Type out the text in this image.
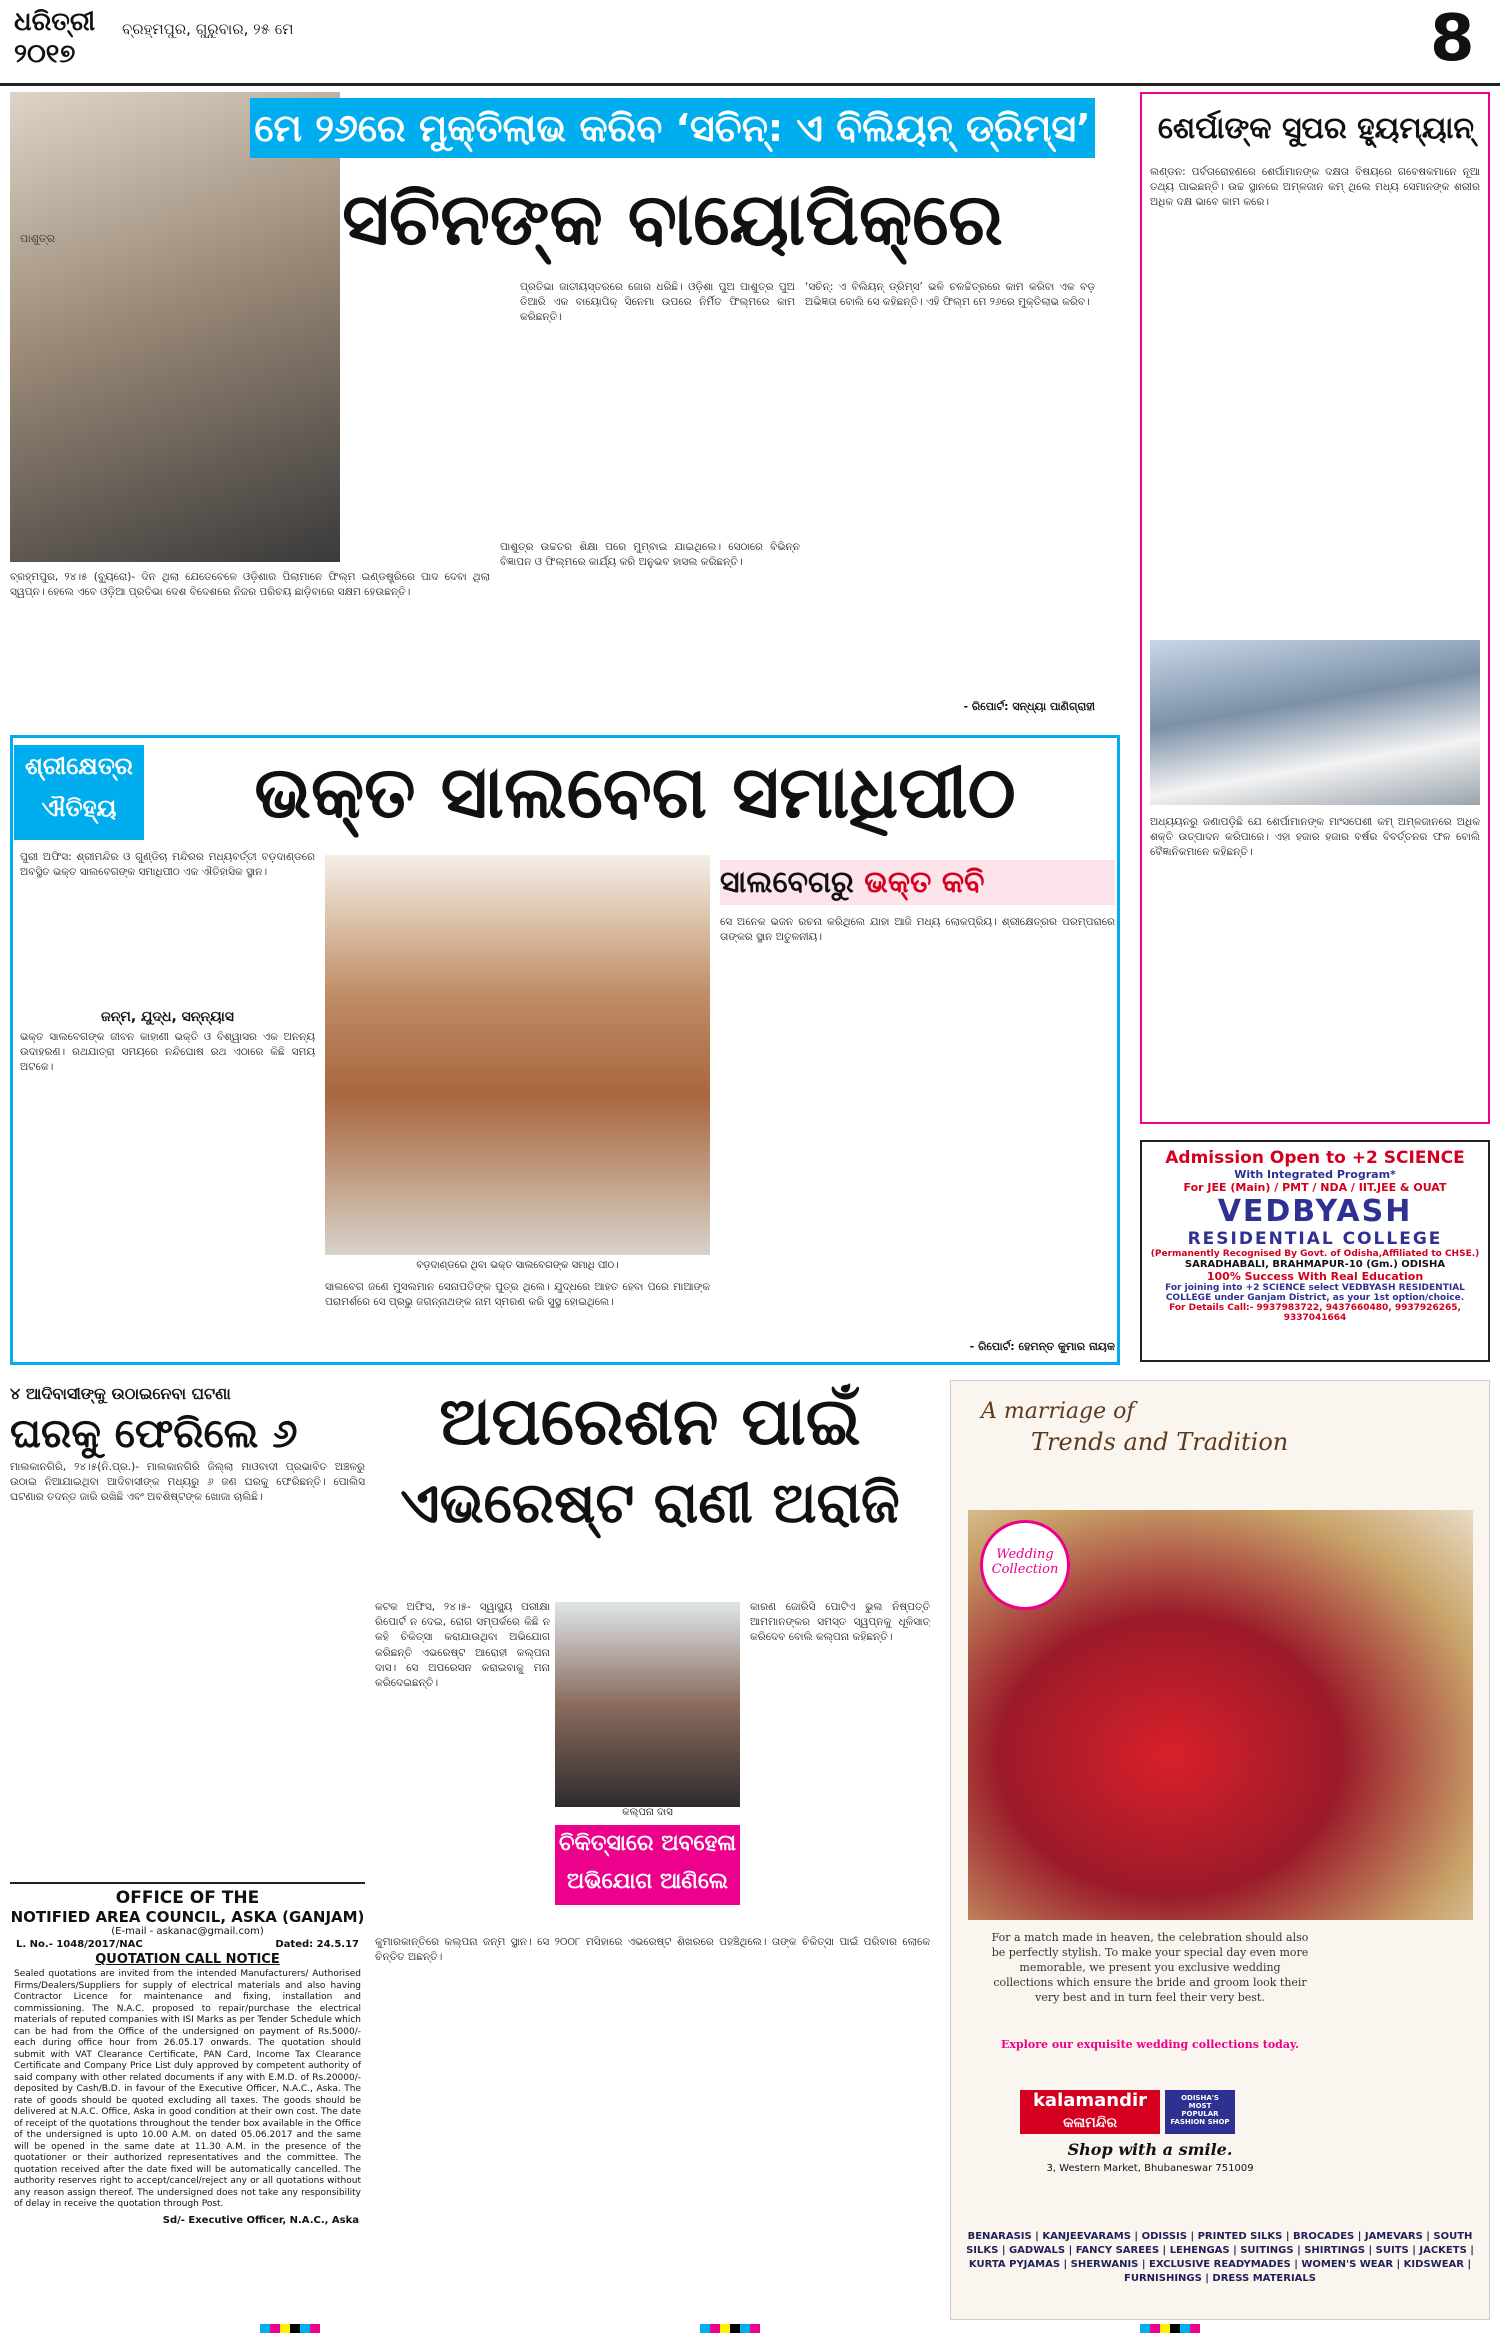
ଧରିତ୍ରୀ
୨୦୧୭
ବ୍ରହ୍ମପୁର, ଗୁରୁବାର, ୨୫ ମେ	8
ପାଶୁତ୍ର
ମେ ୨୬ରେ ମୁକ୍ତିଲାଭ କରିବ ‘ସଚିନ୍: ଏ ବିଲିୟନ୍ ଡ୍ରିମ୍ସ’
ସଚିନଙ୍କ ବାୟୋପିକ୍‌ରେ

ପ୍ରତିଭା ଜାତୀୟସ୍ତରରେ ଜୋର ଧରିଛି। ଓଡ଼ିଶା ପୁଅ ପାଶୁତ୍ର ପୁଅ ତିଆରି ଏକ ବାୟୋପିକ୍ ସିନେମା ଉପରେ ନିର୍ମିତ ଫିଲ୍ମରେ କାମ କରିଛନ୍ତି।

‘ସଚିନ୍: ଏ ବିଲିୟନ୍ ଡ୍ରିମ୍ସ’ ଭଳି ଚଳଚ୍ଚିତ୍ରରେ କାମ କରିବା ଏକ ବଡ଼ ଅଭିଜ୍ଞତା ବୋଲି ସେ କହିଛନ୍ତି। ଏହି ଫିଲ୍ମ ମେ ୨୬ରେ ମୁକ୍ତିଲାଭ କରିବ।

ବ୍ରହ୍ମପୁର, ୨୪।୫ (ବ୍ୟୁରୋ)- ଦିନ ଥିଲା ଯେତେବେଳେ ଓଡ଼ିଶାର ପିଲାମାନେ ଫିଲ୍ମ ଇଣ୍ଡଷ୍ଟ୍ରିରେ ପାଦ ଦେବା ଥିଲା ସ୍ୱପ୍ନ। ହେଲେ ଏବେ ଓଡ଼ିଆ ପ୍ରତିଭା ଦେଶ ବିଦେଶରେ ନିଜର ପରିଚୟ ଛାଡ଼ିବାରେ ସକ୍ଷମ ହେଉଛନ୍ତି।

ପାଶୁତ୍ର ଉଚ୍ଚତର ଶିକ୍ଷା ପରେ ମୁମ୍ବାଇ ଯାଇଥିଲେ। ସେଠାରେ ବିଭିନ୍ନ ବିଜ୍ଞାପନ ଓ ଫିଲ୍ମରେ କାର୍ଯ୍ୟ କରି ଅନୁଭବ ହାସଲ କରିଛନ୍ତି।

- ରିପୋର୍ଟ: ସନ୍ଧ୍ୟା ପାଣିଗ୍ରାହୀ
ଶେର୍ପାଙ୍କ ସୁପର ହ୍ୟୁମ୍ୟାନ୍

ଲଣ୍ଡନ: ପର୍ବତାରୋହଣରେ ଶେର୍ପାମାନଙ୍କ ଦକ୍ଷତା ବିଷୟରେ ଗବେଷକମାନେ ନୂଆ ତଥ୍ୟ ପାଇଛନ୍ତି। ଉଚ୍ଚ ସ୍ଥାନରେ ଅମ୍ଳଜାନ କମ୍ ଥିଲେ ମଧ୍ୟ ସେମାନଙ୍କ ଶରୀର ଅଧିକ ଦକ୍ଷ ଭାବେ କାମ କରେ।

ଅଧ୍ୟୟନରୁ ଜଣାପଡ଼ିଛି ଯେ ଶେର୍ପାମାନଙ୍କ ମାଂସପେଶୀ କମ୍ ଅମ୍ଳଜାନରେ ଅଧିକ ଶକ୍ତି ଉତ୍ପାଦନ କରିପାରେ। ଏହା ହଜାର ହଜାର ବର୍ଷର ବିବର୍ତ୍ତନର ଫଳ ବୋଲି ବୈଜ୍ଞାନିକମାନେ କହିଛନ୍ତି।

ଶ୍ରୀକ୍ଷେତ୍ର ଐତିହ୍ୟ	ଭକ୍ତ ସାଲବେଗ ସମାଧିପୀଠ

ପୁରୀ ଅଫିସ: ଶ୍ରୀମନ୍ଦିର ଓ ଗୁଣ୍ଡିଚା ମନ୍ଦିରର ମଧ୍ୟବର୍ତ୍ତୀ ବଡ଼ଦାଣ୍ଡରେ ଅବସ୍ଥିତ ଭକ୍ତ ସାଲବେଗଙ୍କ ସମାଧିପୀଠ ଏକ ଐତିହାସିକ ସ୍ଥାନ।

ଜନ୍ମ, ଯୁଦ୍ଧ, ସନ୍ନ୍ୟାସ

ଭକ୍ତ ସାଲବେଗଙ୍କ ଜୀବନ କାହାଣୀ ଭକ୍ତି ଓ ବିଶ୍ୱାସର ଏକ ଅନନ୍ୟ ଉଦାହରଣ। ରଥଯାତ୍ରା ସମୟରେ ନନ୍ଦିଘୋଷ ରଥ ଏଠାରେ କିଛି ସମୟ ଅଟକେ।

ବଡ଼ଦାଣ୍ଡରେ ଥିବା ଭକ୍ତ ସାଲବେଗଙ୍କ ସମାଧି ପୀଠ।

ସାଲବେଗ ଜଣେ ମୁସଲମାନ ସେନାପତିଙ୍କ ପୁତ୍ର ଥିଲେ। ଯୁଦ୍ଧରେ ଆହତ ହେବା ପରେ ମାଆଙ୍କ ପରାମର୍ଶରେ ସେ ପ୍ରଭୁ ଜଗନ୍ନାଥଙ୍କ ନାମ ସ୍ମରଣ କରି ସୁସ୍ଥ ହୋଇଥିଲେ।

ସାଲବେଗରୁ ଭକ୍ତ କବି

ସେ ଅନେକ ଭଜନ ରଚନା କରିଥିଲେ ଯାହା ଆଜି ମଧ୍ୟ ଲୋକପ୍ରିୟ। ଶ୍ରୀକ୍ଷେତ୍ରର ପରମ୍ପରାରେ ତାଙ୍କର ସ୍ଥାନ ଅତୁଳନୀୟ।

- ରିପୋର୍ଟ: ହେମନ୍ତ କୁମାର ନାୟକ
Admission Open to +2 SCIENCE
With Integrated Program*
For JEE (Main) / PMT / NDA / IIT.JEE & OUAT
VEDBYASH
RESIDENTIAL COLLEGE
(Permanently Recognised By Govt. of Odisha,Affiliated to CHSE.)
SARADHABALI, BRAHMAPUR-10 (Gm.) ODISHA
100% Success With Real Education
For joining into +2 SCIENCE select VEDBYASH RESIDENTIAL COLLEGE under Ganjam District, as your 1st option/choice.
For Details Call:- 9937983722, 9437660480, 9937926265, 9337041664
୪ ଆଦିବାସୀଙ୍କୁ ଉଠାଇନେବା ଘଟଣା
ଘରକୁ ଫେରିଲେ ୬
ମାଲକାନଗିରି, ୨୪।୫(ନି.ପ୍ର.)- ମାଲକାନଗିରି ଜିଲ୍ଲା ମାଓବାଦୀ ପ୍ରଭାବିତ ଅଞ୍ଚଳରୁ ଉଠାଇ ନିଆଯାଇଥିବା ଆଦିବାସୀଙ୍କ ମଧ୍ୟରୁ ୬ ଜଣ ଘରକୁ ଫେରିଛନ୍ତି। ପୋଲିସ ଘଟଣାର ତଦନ୍ତ ଜାରି ରଖିଛି ଏବଂ ଅବଶିଷ୍ଟଙ୍କ ଖୋଜା ଚାଲିଛି।
OFFICE OF THE
NOTIFIED AREA COUNCIL, ASKA (GANJAM)
(E-mail - askanac@gmail.com)
L. No.- 1048/2017/NAC	Dated: 24.5.17
QUOTATION CALL NOTICE
Sealed quotations are invited from the intended Manufacturers/ Authorised Firms/Dealers/Suppliers for supply of electrical materials and also having Contractor Licence for maintenance and fixing, installation and commissioning. The N.A.C. proposed to repair/purchase the electrical materials of reputed companies with ISI Marks as per Tender Schedule which can be had from the Office of the undersigned on payment of Rs.5000/- each during office hour from 26.05.17 onwards. The quotation should submit with VAT Clearance Certificate, PAN Card, Income Tax Clearance Certificate and Company Price List duly approved by competent authority of said company with other related documents if any with E.M.D. of Rs.20000/- deposited by Cash/B.D. in favour of the Executive Officer, N.A.C., Aska. The rate of goods should be quoted excluding all taxes. The goods should be delivered at N.A.C. Office, Aska in good condition at their own cost. The date of receipt of the quotations throughout the tender box available in the Office of the undersigned is upto 10.00 A.M. on dated 05.06.2017 and the same will be opened in the same date at 11.30 A.M. in the presence of the quotationer or their authorized representatives and the committee. The quotation received after the date fixed will be automatically cancelled. The authority reserves right to accept/cancel/reject any or all quotations without any reason assign thereof. The undersigned does not take any responsibility of delay in receive the quotation through Post.
Sd/- Executive Officer, N.A.C., Aska
ଅପରେଶନ ପାଇଁ
ଏଭରେଷ୍ଟ ରାଣୀ ଅରାଜି

କଟକ ଅଫିସ, ୨୪।୫- ସ୍ୱାସ୍ଥ୍ୟ ପରୀକ୍ଷା ରିପୋର୍ଟ ନ ଦେଇ, ରୋଗ ସମ୍ପର୍କରେ କିଛି ନ କହି ଚିକିତ୍ସା କରାଯାଉଥିବା ଅଭିଯୋଗ କରିଛନ୍ତି ଏଭରେଷ୍ଟ ଆରୋହୀ କଲ୍ପନା ଦାସ। ସେ ଅପରେସନ କରାଇବାକୁ ମନା କରିଦେଇଛନ୍ତି।

କଲ୍ପନା ଦାସ
ଚିକିତ୍ସାରେ ଅବହେଳା ଅଭିଯୋଗ ଆଣିଲେ

କାରଣ ଜୋରିସି ପୋଟିଏ ଭୁଲ ନିଷ୍ପତ୍ତି ଆମମାନଙ୍କର ସମସ୍ତ ସ୍ୱପ୍ନକୁ ଧୂଳିସାତ୍ କରିଦେବ ବୋଲି କଲ୍ପନା କହିଛନ୍ତି।

କୁମାରକାନ୍ତିରେ କଲ୍ପନା ଜନ୍ମ ସ୍ଥାନ। ସେ ୨୦୦୮ ମସିହାରେ ଏଭରେଷ୍ଟ ଶିଖରରେ ପହଞ୍ଚିଥିଲେ। ତାଙ୍କ ଚିକିତ୍ସା ପାଇଁ ପରିବାର ଲୋକେ ଚିନ୍ତିତ ଅଛନ୍ତି।

A marriage of
Trends and Tradition
Wedding Collection
For a match made in heaven, the celebration should also be perfectly stylish. To make your special day even more memorable, we present you exclusive wedding collections which ensure the bride and groom look their very best and in turn feel their very best.
Explore our exquisite wedding collections today.
kalamandir
କଳାମନ୍ଦିର
ODISHA'S MOST POPULAR FASHION SHOP
Shop with a smile.
3, Western Market, Bhubaneswar 751009
BENARASIS | KANJEEVARAMS | ODISSIS | PRINTED SILKS | BROCADES | JAMEVARS | SOUTH SILKS | GADWALS | FANCY SAREES | LEHENGAS | SUITINGS | SHIRTINGS | SUITS | JACKETS | KURTA PYJAMAS | SHERWANIS | EXCLUSIVE READYMADES | WOMEN'S WEAR | KIDSWEAR | FURNISHINGS | DRESS MATERIALS
